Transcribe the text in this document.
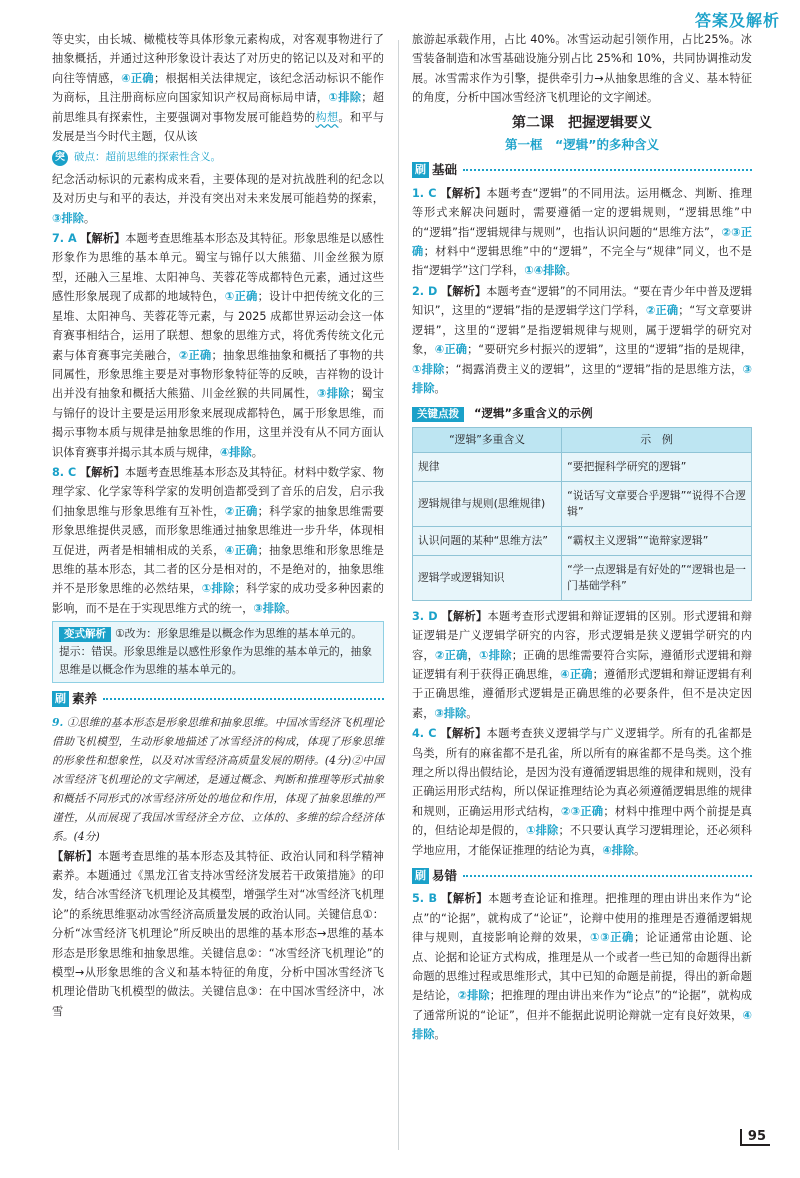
答案及解析

等史实，由长城、橄榄枝等具体形象元素构成，对客观事物进行了抽象概括，并通过这种形象设计表达了对历史的铭记以及对和平的向往等情感，④正确；根据相关法律规定，该纪念活动标识不能作为商标，且注册商标应向国家知识产权局商标局申请，①排除；超前思维具有探索性，主要强调对事物发展可能趋势的构想。和平与发展是当今时代主题，仅从该

突 破点：超前思维的探索性含义。

纪念活动标识的元素构成来看，主要体现的是对抗战胜利的纪念以及对历史与和平的表达，并没有突出对未来发展可能趋势的探索，③排除。

7. A 【解析】本题考查思维基本形态及其特征。形象思维是以感性形象作为思维的基本单元。蜀宝与锦仔以大熊猫、川金丝猴为原型，还融入三星堆、太阳神鸟、芙蓉花等成都特色元素，通过这些感性形象展现了成都的地域特色，①正确；设计中把传统文化的三星堆、太阳神鸟、芙蓉花等元素，与 2025 成都世界运动会这一体育赛事相结合，运用了联想、想象的思维方式，将优秀传统文化元素与体育赛事完美融合，②正确；抽象思维抽象和概括了事物的共同属性，形象思维主要是对事物形象特征等的反映，吉祥物的设计出并没有抽象和概括大熊猫、川金丝猴的共同属性，③排除；蜀宝与锦仔的设计主要是运用形象来展现成都特色，属于形象思维，而揭示事物本质与规律是抽象思维的作用，这里并没有从不同方面认识体育赛事并揭示其本质与规律，④排除。

8. C 【解析】本题考查思维基本形态及其特征。材料中数学家、物理学家、化学家等科学家的发明创造都受到了音乐的启发，启示我们抽象思维与形象思维有互补性，②正确；科学家的抽象思维需要形象思维提供灵感，而形象思维通过抽象思维进一步升华，体现相互促进，两者是相辅相成的关系，④正确；抽象思维和形象思维是思维的基本形态，其二者的区分是相对的，不是绝对的，抽象思维并不是形象思维的必然结果，①排除；科学家的成功受多种因素的影响，而不是在于实现思维方式的统一，③排除。

变式解析 ①改为：形象思维是以概念作为思维的基本单元的。
提示：错误。形象思维是以感性形象作为思维的基本单元的，抽象思维是以概念作为思维的基本单元的。
刷 素养

9. ①思维的基本形态是形象思维和抽象思维。中国冰雪经济飞机理论借助飞机模型，生动形象地描述了冰雪经济的构成，体现了形象思维的形象性和想象性，以及对冰雪经济高质量发展的期待。(4分)②中国冰雪经济飞机理论的文字阐述，是通过概念、判断和推理等形式抽象和概括不同形式的冰雪经济所处的地位和作用，体现了抽象思维的严谨性，从而展现了我国冰雪经济全方位、立体的、多维的综合经济体系。(4分)

【解析】本题考查思维的基本形态及其特征、政治认同和科学精神素养。本题通过《黑龙江省支持冰雪经济发展若干政策措施》的印发，结合冰雪经济飞机理论及其模型，增强学生对“冰雪经济飞机理论”的系统思维驱动冰雪经济高质量发展的政治认同。关键信息①：分析“冰雪经济飞机理论”所反映出的思维的基本形态→思维的基本形态是形象思维和抽象思维。关键信息②：“冰雪经济飞机理论”的模型→从形象思维的含义和基本特征的角度，分析中国冰雪经济飞机理论借助飞机模型的做法。关键信息③：在中国冰雪经济中，冰雪

旅游起承载作用，占比 40%。冰雪运动起引领作用，占比25%。冰雪装备制造和冰雪基础设施分别占比 25%和 10%，共同协调推动发展。冰雪需求作为引擎，提供牵引力→从抽象思维的含义、基本特征的角度，分析中国冰雪经济飞机理论的文字阐述。

第二课　把握逻辑要义
第一框　“逻辑”的多种含义
刷 基础

1. C 【解析】本题考查“逻辑”的不同用法。运用概念、判断、推理等形式来解决问题时，需要遵循一定的逻辑规则，“逻辑思维”中的“逻辑”指“逻辑规律与规则”，也指认识问题的“思维方法”，②③正确；材料中“逻辑思维”中的“逻辑”，不完全与“规律”同义，也不是指“逻辑学”这门学科，①④排除。

2. D 【解析】本题考查“逻辑”的不同用法。“要在青少年中普及逻辑知识”，这里的“逻辑”指的是逻辑学这门学科，②正确；“写文章要讲逻辑”，这里的“逻辑”是指逻辑规律与规则，属于逻辑学的研究对象，④正确；“要研究乡村振兴的逻辑”，这里的“逻辑”指的是规律，①排除；“揭露消费主义的逻辑”，这里的“逻辑”指的是思维方法，③排除。

关键点拨	“逻辑”多重含义的示例
“逻辑”多重含义	示　例
规律	“要把握科学研究的逻辑”
逻辑规律与规则(思维规律)	“说话写文章要合乎逻辑”“说得不合逻辑”
认识问题的某种“思维方法”	“霸权主义逻辑”“诡辩家逻辑”
逻辑学或逻辑知识	“学一点逻辑是有好处的”“逻辑也是一门基础学科”

3. D 【解析】本题考查形式逻辑和辩证逻辑的区别。形式逻辑和辩证逻辑是广义逻辑学研究的内容，形式逻辑是狭义逻辑学研究的内容，②正确，①排除；正确的思维需要符合实际，遵循形式逻辑和辩证逻辑有利于获得正确思维，④正确；遵循形式逻辑和辩证逻辑有利于正确思维，遵循形式逻辑是正确思维的必要条件，但不是决定因素，③排除。

4. C 【解析】本题考查狭义逻辑学与广义逻辑学。所有的孔雀都是鸟类，所有的麻雀都不是孔雀，所以所有的麻雀都不是鸟类。这个推理之所以得出假结论，是因为没有遵循逻辑思维的规律和规则，没有正确运用形式结构，所以保证推理结论为真必须遵循逻辑思维的规律和规则，正确运用形式结构，②③正确；材料中推理中两个前提是真的，但结论却是假的，①排除；不只要认真学习逻辑理论，还必须科学地应用，才能保证推理的结论为真，④排除。

刷 易错

5. B 【解析】本题考查论证和推理。把推理的理由讲出来作为“论点”的“论据”，就构成了“论证”，论辩中使用的推理是否遵循逻辑规律与规则，直接影响论辩的效果，①③正确；论证通常由论题、论点、论据和论证方式构成，推理是从一个或者一些已知的命题得出新命题的思维过程或思维形式，其中已知的命题是前提，得出的新命题是结论，②排除；把推理的理由讲出来作为“论点”的“论据”，就构成了通常所说的“论证”，但并不能据此说明论辩就一定有良好效果，④排除。

95
